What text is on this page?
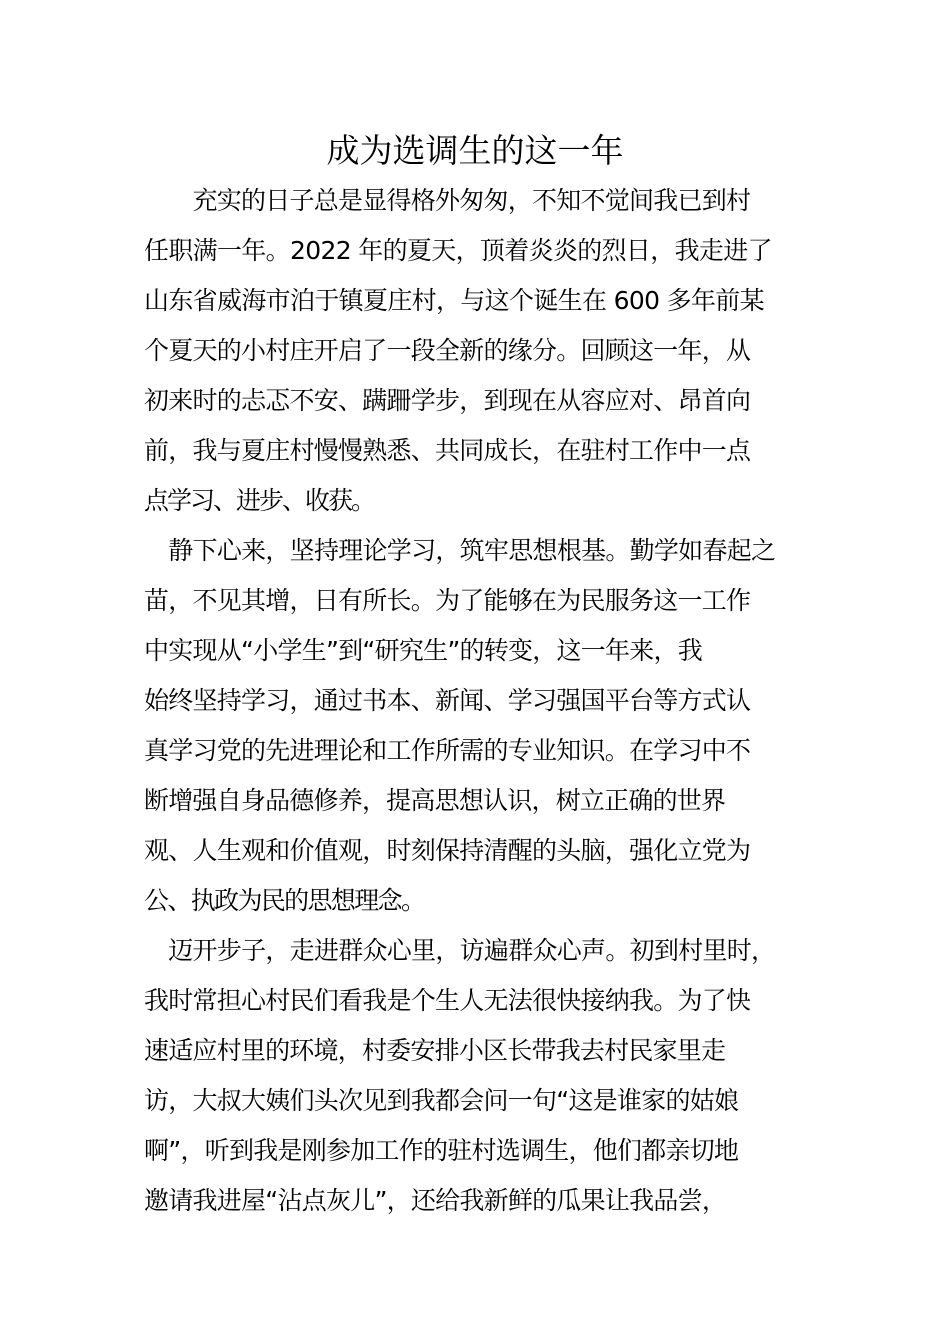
成为选调生的这一年

　　充实的日子总是显得格外匆匆，不知不觉间我已到村

任职满一年。2022 年的夏天，顶着炎炎的烈日，我走进了

山东省威海市泊于镇夏庄村，与这个诞生在 600 多年前某

个夏天的小村庄开启了一段全新的缘分。回顾这一年，从

初来时的忐忑不安、蹒跚学步，到现在从容应对、昂首向

前，我与夏庄村慢慢熟悉、共同成长，在驻村工作中一点

点学习、进步、收获。

　静下心来，坚持理论学习，筑牢思想根基。勤学如春起之

苗，不见其增，日有所长。为了能够在为民服务这一工作

中实现从“小学生”到“研究生”的转变，这一年来，我

始终坚持学习，通过书本、新闻、学习强国平台等方式认

真学习党的先进理论和工作所需的专业知识。在学习中不

断增强自身品德修养，提高思想认识，树立正确的世界

观、人生观和价值观，时刻保持清醒的头脑，强化立党为

公、执政为民的思想理念。

　迈开步子，走进群众心里，访遍群众心声。初到村里时，

我时常担心村民们看我是个生人无法很快接纳我。为了快

速适应村里的环境，村委安排小区长带我去村民家里走

访，大叔大姨们头次见到我都会问一句“这是谁家的姑娘

啊”，听到我是刚参加工作的驻村选调生，他们都亲切地

邀请我进屋“沾点灰儿”，还给我新鲜的瓜果让我品尝，
